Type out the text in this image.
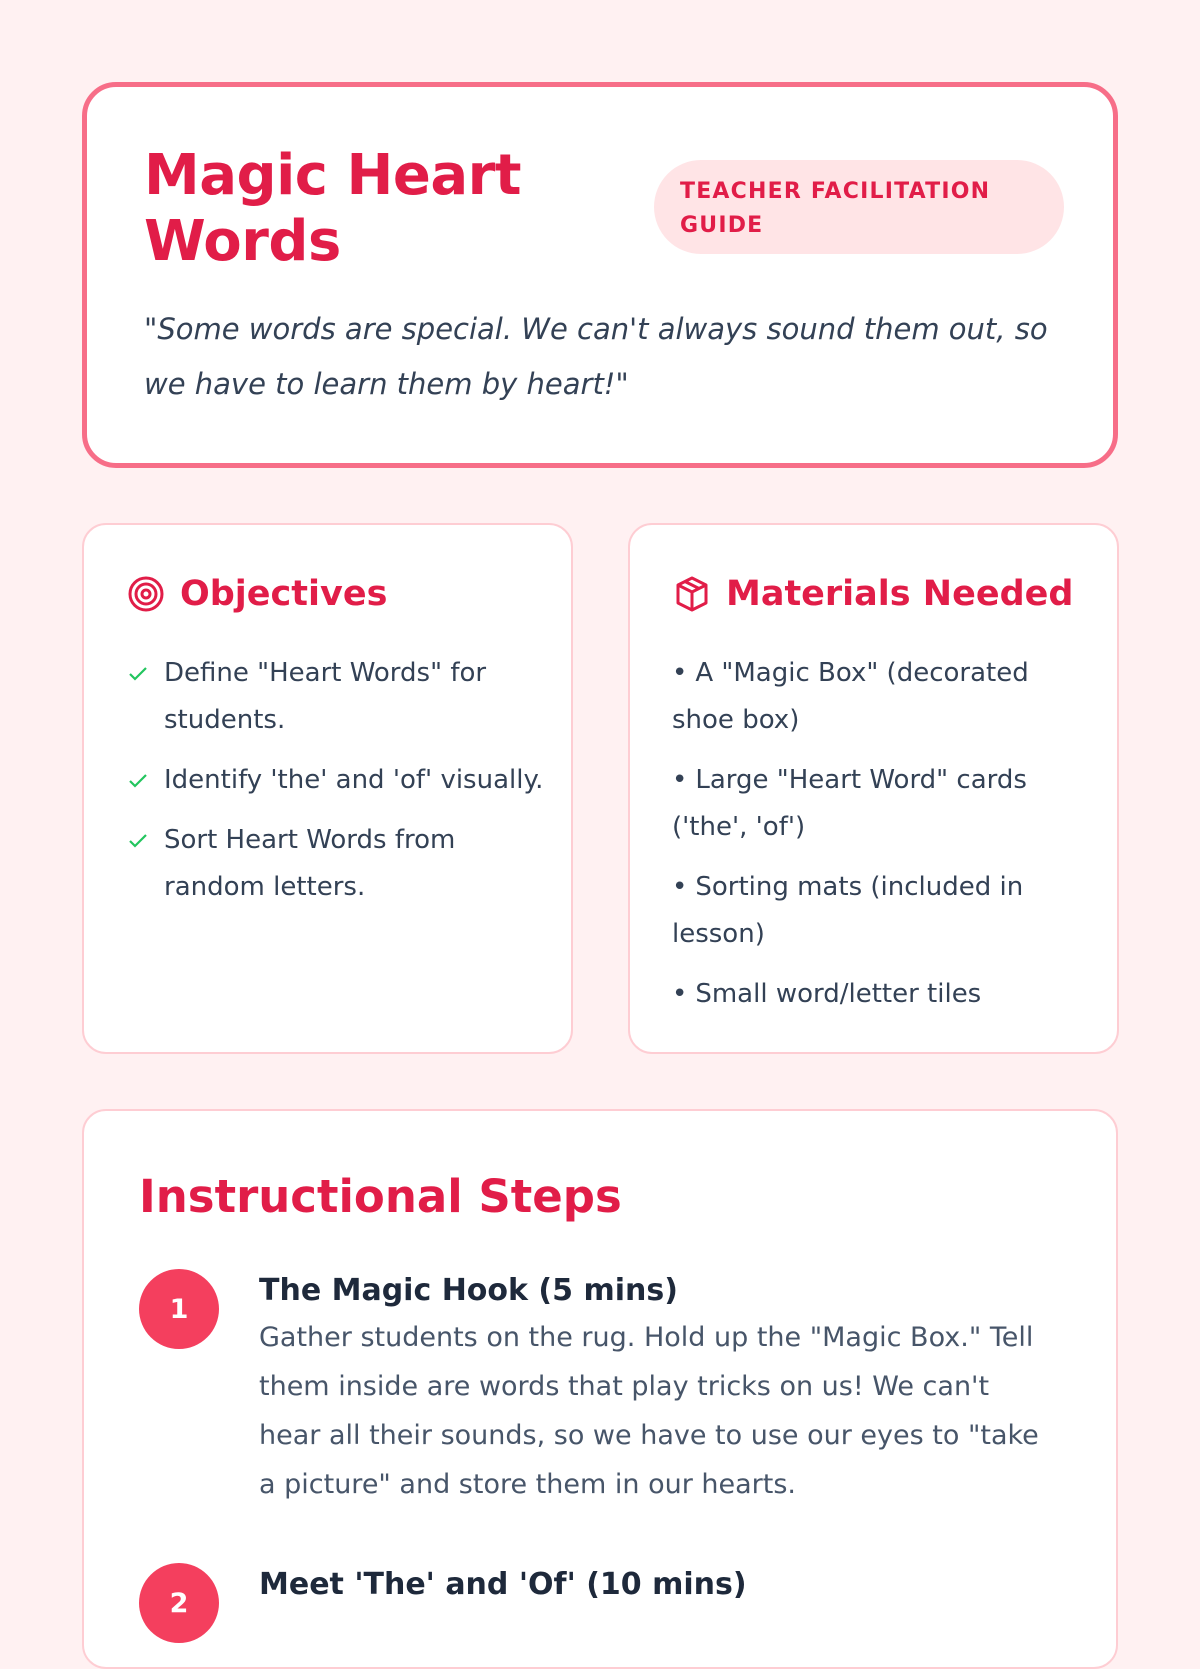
Magic Heart Words
TEACHER FACILITATION GUIDE

"Some words are special. We can't always sound them out, so we have to learn them by heart!"

Objectives
Define "Heart Words" for students.
Identify 'the' and 'of' visually.
Sort Heart Words from random letters.
Materials Needed
• A "Magic Box" (decorated shoe box)
• Large "Heart Word" cards ('the', 'of')
• Sorting mats (included in lesson)
• Small word/letter tiles
Instructional Steps
1
The Magic Hook (5 mins)

Gather students on the rug. Hold up the "Magic Box." Tell them inside are words that play tricks on us! We can't hear all their sounds, so we have to use our eyes to "take a picture" and store them in our hearts.

2
Meet 'The' and 'Of' (10 mins)
